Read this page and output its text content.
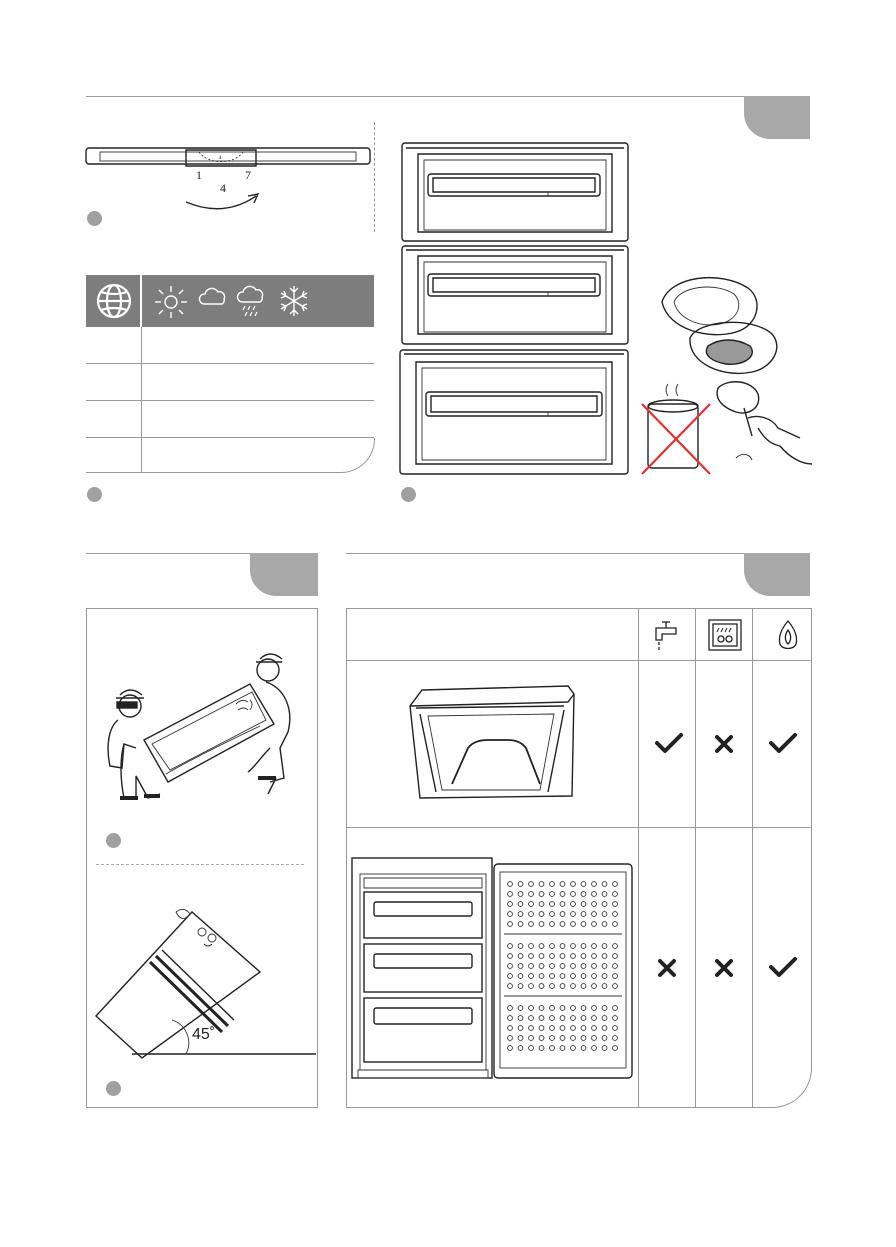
4
1
4
7
45˚
